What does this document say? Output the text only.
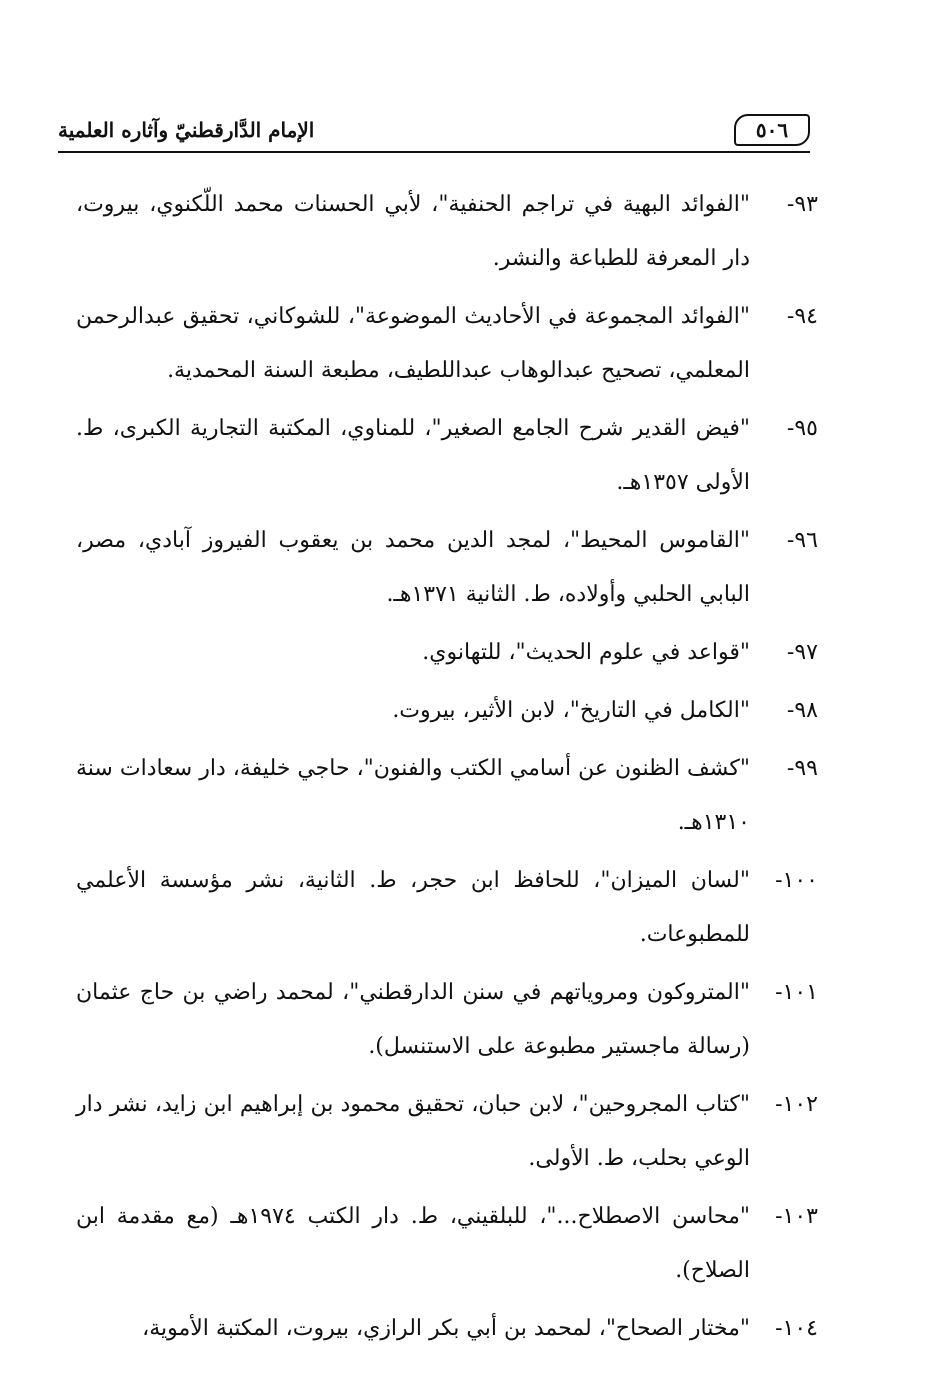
٥٠٦
الإمام الدَّارقطنيّ وآثاره العلمية
٩٣-
"الفوائد البهية في تراجم الحنفية"، لأبي الحسنات محمد اللّكنوي، بيروت، دار المعرفة للطباعة والنشر.
٩٤-
"الفوائد المجموعة في الأحاديث الموضوعة"، للشوكاني، تحقيق عبدالرحمن المعلمي، تصحيح عبدالوهاب عبداللطيف، مطبعة السنة المحمدية.
٩٥-
"فيض القدير شرح الجامع الصغير"، للمناوي، المكتبة التجارية الكبرى، ط. الأولى ١٣٥٧هـ.
٩٦-
"القاموس المحيط"، لمجد الدين محمد بن يعقوب الفيروز آبادي، مصر، البابي الحلبي وأولاده، ط. الثانية ١٣٧١هـ.
٩٧-
"قواعد في علوم الحديث"، للتهانوي.
٩٨-
"الكامل في التاريخ"، لابن الأثير، بيروت.
٩٩-
"كشف الظنون عن أسامي الكتب والفنون"، حاجي خليفة، دار سعادات سنة ١٣١٠هـ.
١٠٠-
"لسان الميزان"، للحافظ ابن حجر، ط. الثانية، نشر مؤسسة الأعلمي للمطبوعات.
١٠١-
"المتروكون ومروياتهم في سنن الدارقطني"، لمحمد راضي بن حاج عثمان (رسالة ماجستير مطبوعة على الاستنسل).
١٠٢-
"كتاب المجروحين"، لابن حبان، تحقيق محمود بن إبراهيم ابن زايد، نشر دار الوعي بحلب، ط. الأولى.
١٠٣-
"محاسن الاصطلاح..."، للبلقيني، ط. دار الكتب ١٩٧٤هـ (مع مقدمة ابن الصلاح).
١٠٤-
"مختار الصحاح"، لمحمد بن أبي بكر الرازي، بيروت، المكتبة الأموية،
